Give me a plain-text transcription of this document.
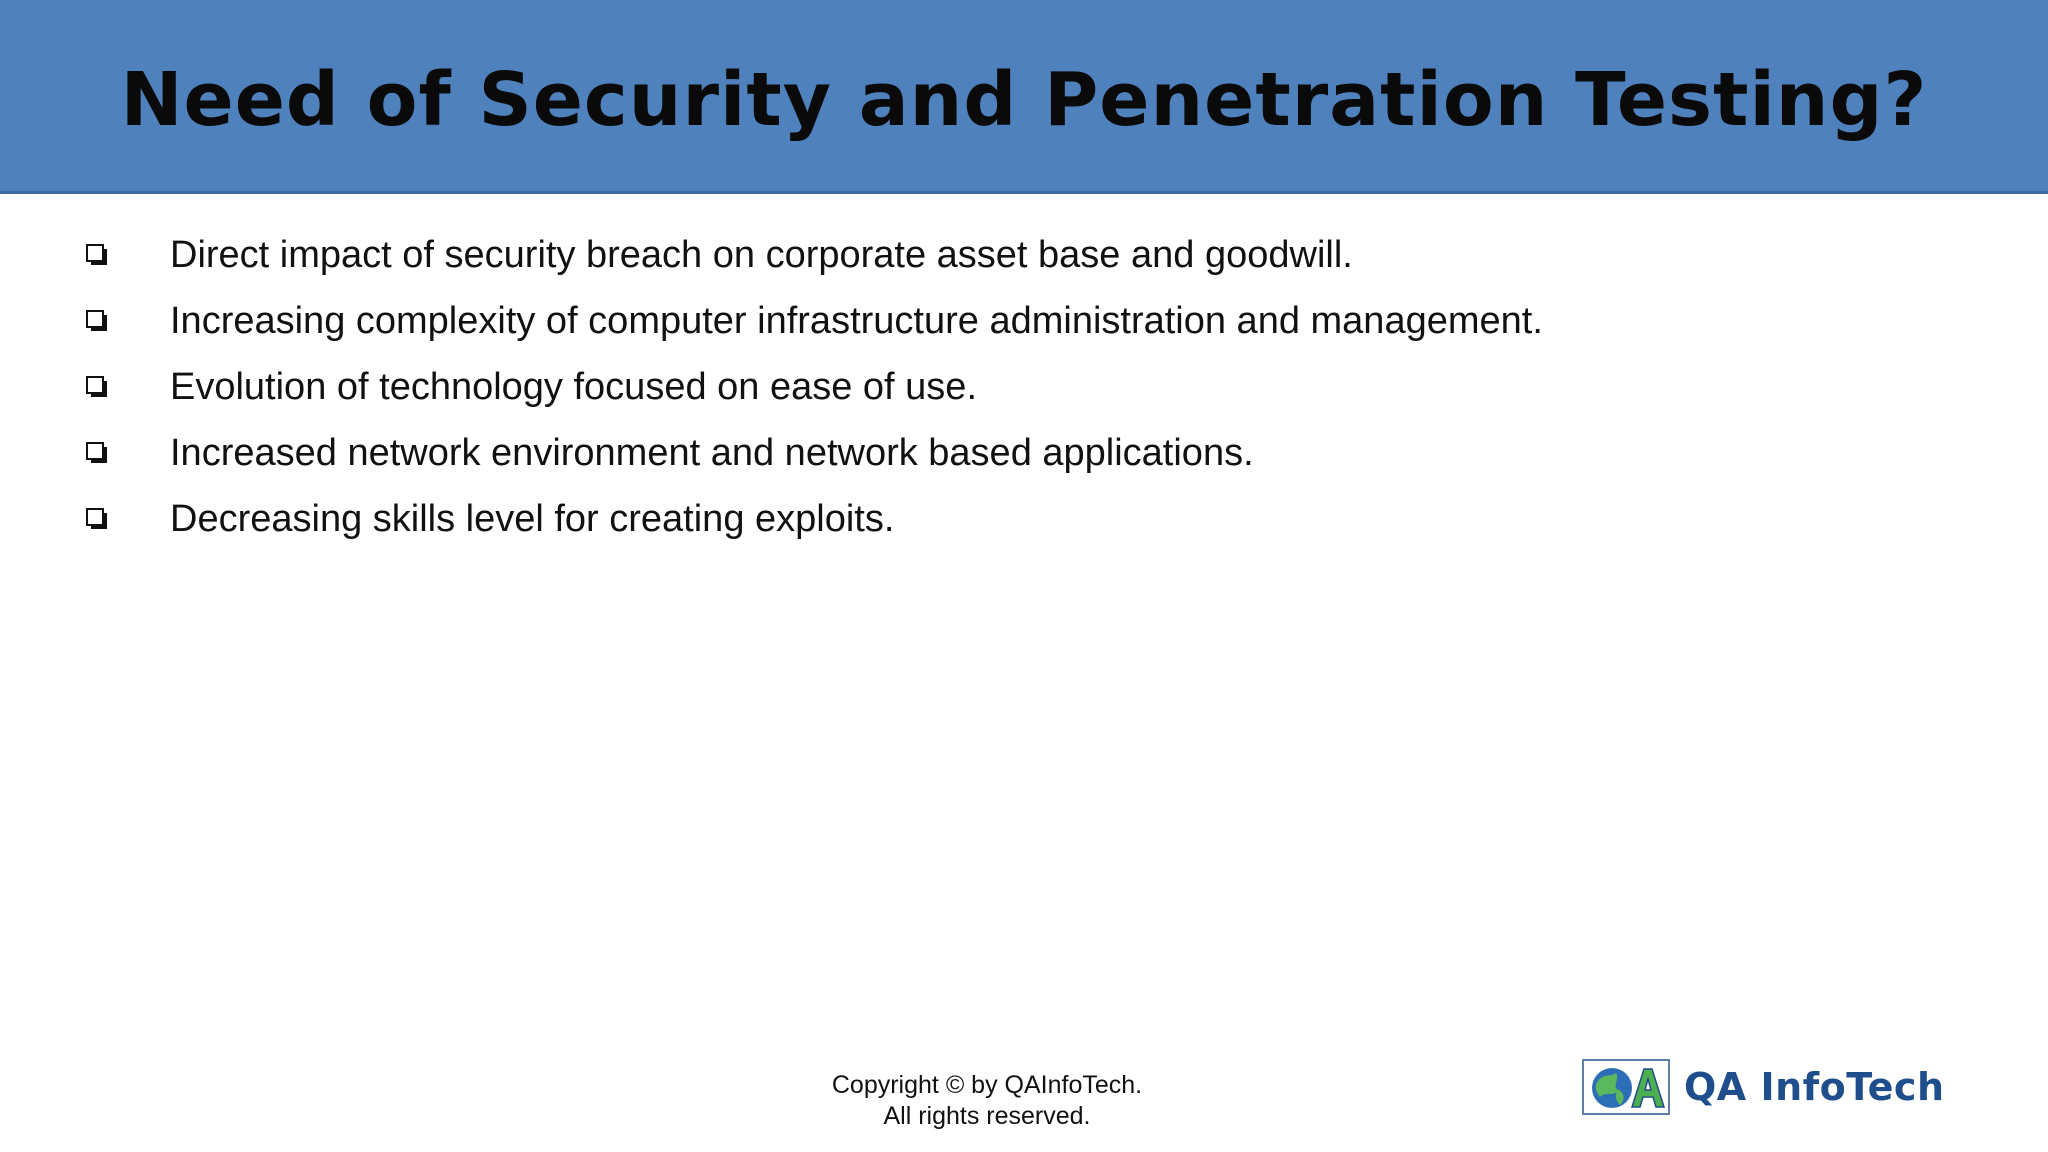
Need of Security and Penetration Testing?
Direct impact of security breach on corporate asset base and goodwill.
Increasing complexity of computer infrastructure administration and management.
Evolution of technology focused on ease of use.
Increased network environment and network based applications.
Decreasing skills level for creating exploits.
Copyright © by QAInfoTech.
All rights reserved.
QA InfoTech
